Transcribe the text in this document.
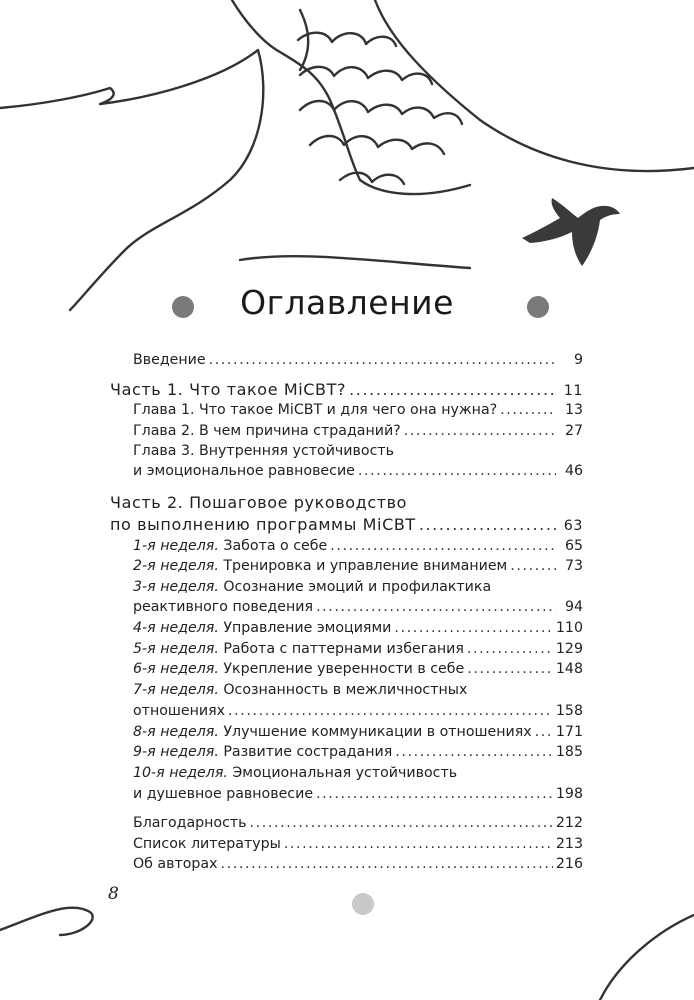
Оглавление
Введение .....	9
Часть 1. Что такое MiCBT? .....	11
Глава 1. Что такое MiCBT и для чего она нужна? .....	13
Глава 2. В чем причина страданий? .....	27
Глава 3. Внутренняя устойчивость
и эмоциональное равновесие .....	46
Часть 2. Пошаговое руководство
по выполнению программы MiCBT .....	63
1-я неделя. Забота о себе .....	65
2-я неделя. Тренировка и управление вниманием .....	73
3-я неделя. Осознание эмоций и профилактика
реактивного поведения .....	94
4-я неделя. Управление эмоциями .....	110
5-я неделя. Работа с паттернами избегания .....	129
6-я неделя. Укрепление уверенности в себе .....	148
7-я неделя. Осознанность в межличностных
отношениях .....	158
8-я неделя. Улучшение коммуникации в отношениях ..... 171
9-я неделя. Развитие сострадания .....	185
10-я неделя. Эмоциональная устойчивость
и душевное равновесие .....	198
Благодарность .....	212
Список литературы .....	213
Об авторах .....	216
8
